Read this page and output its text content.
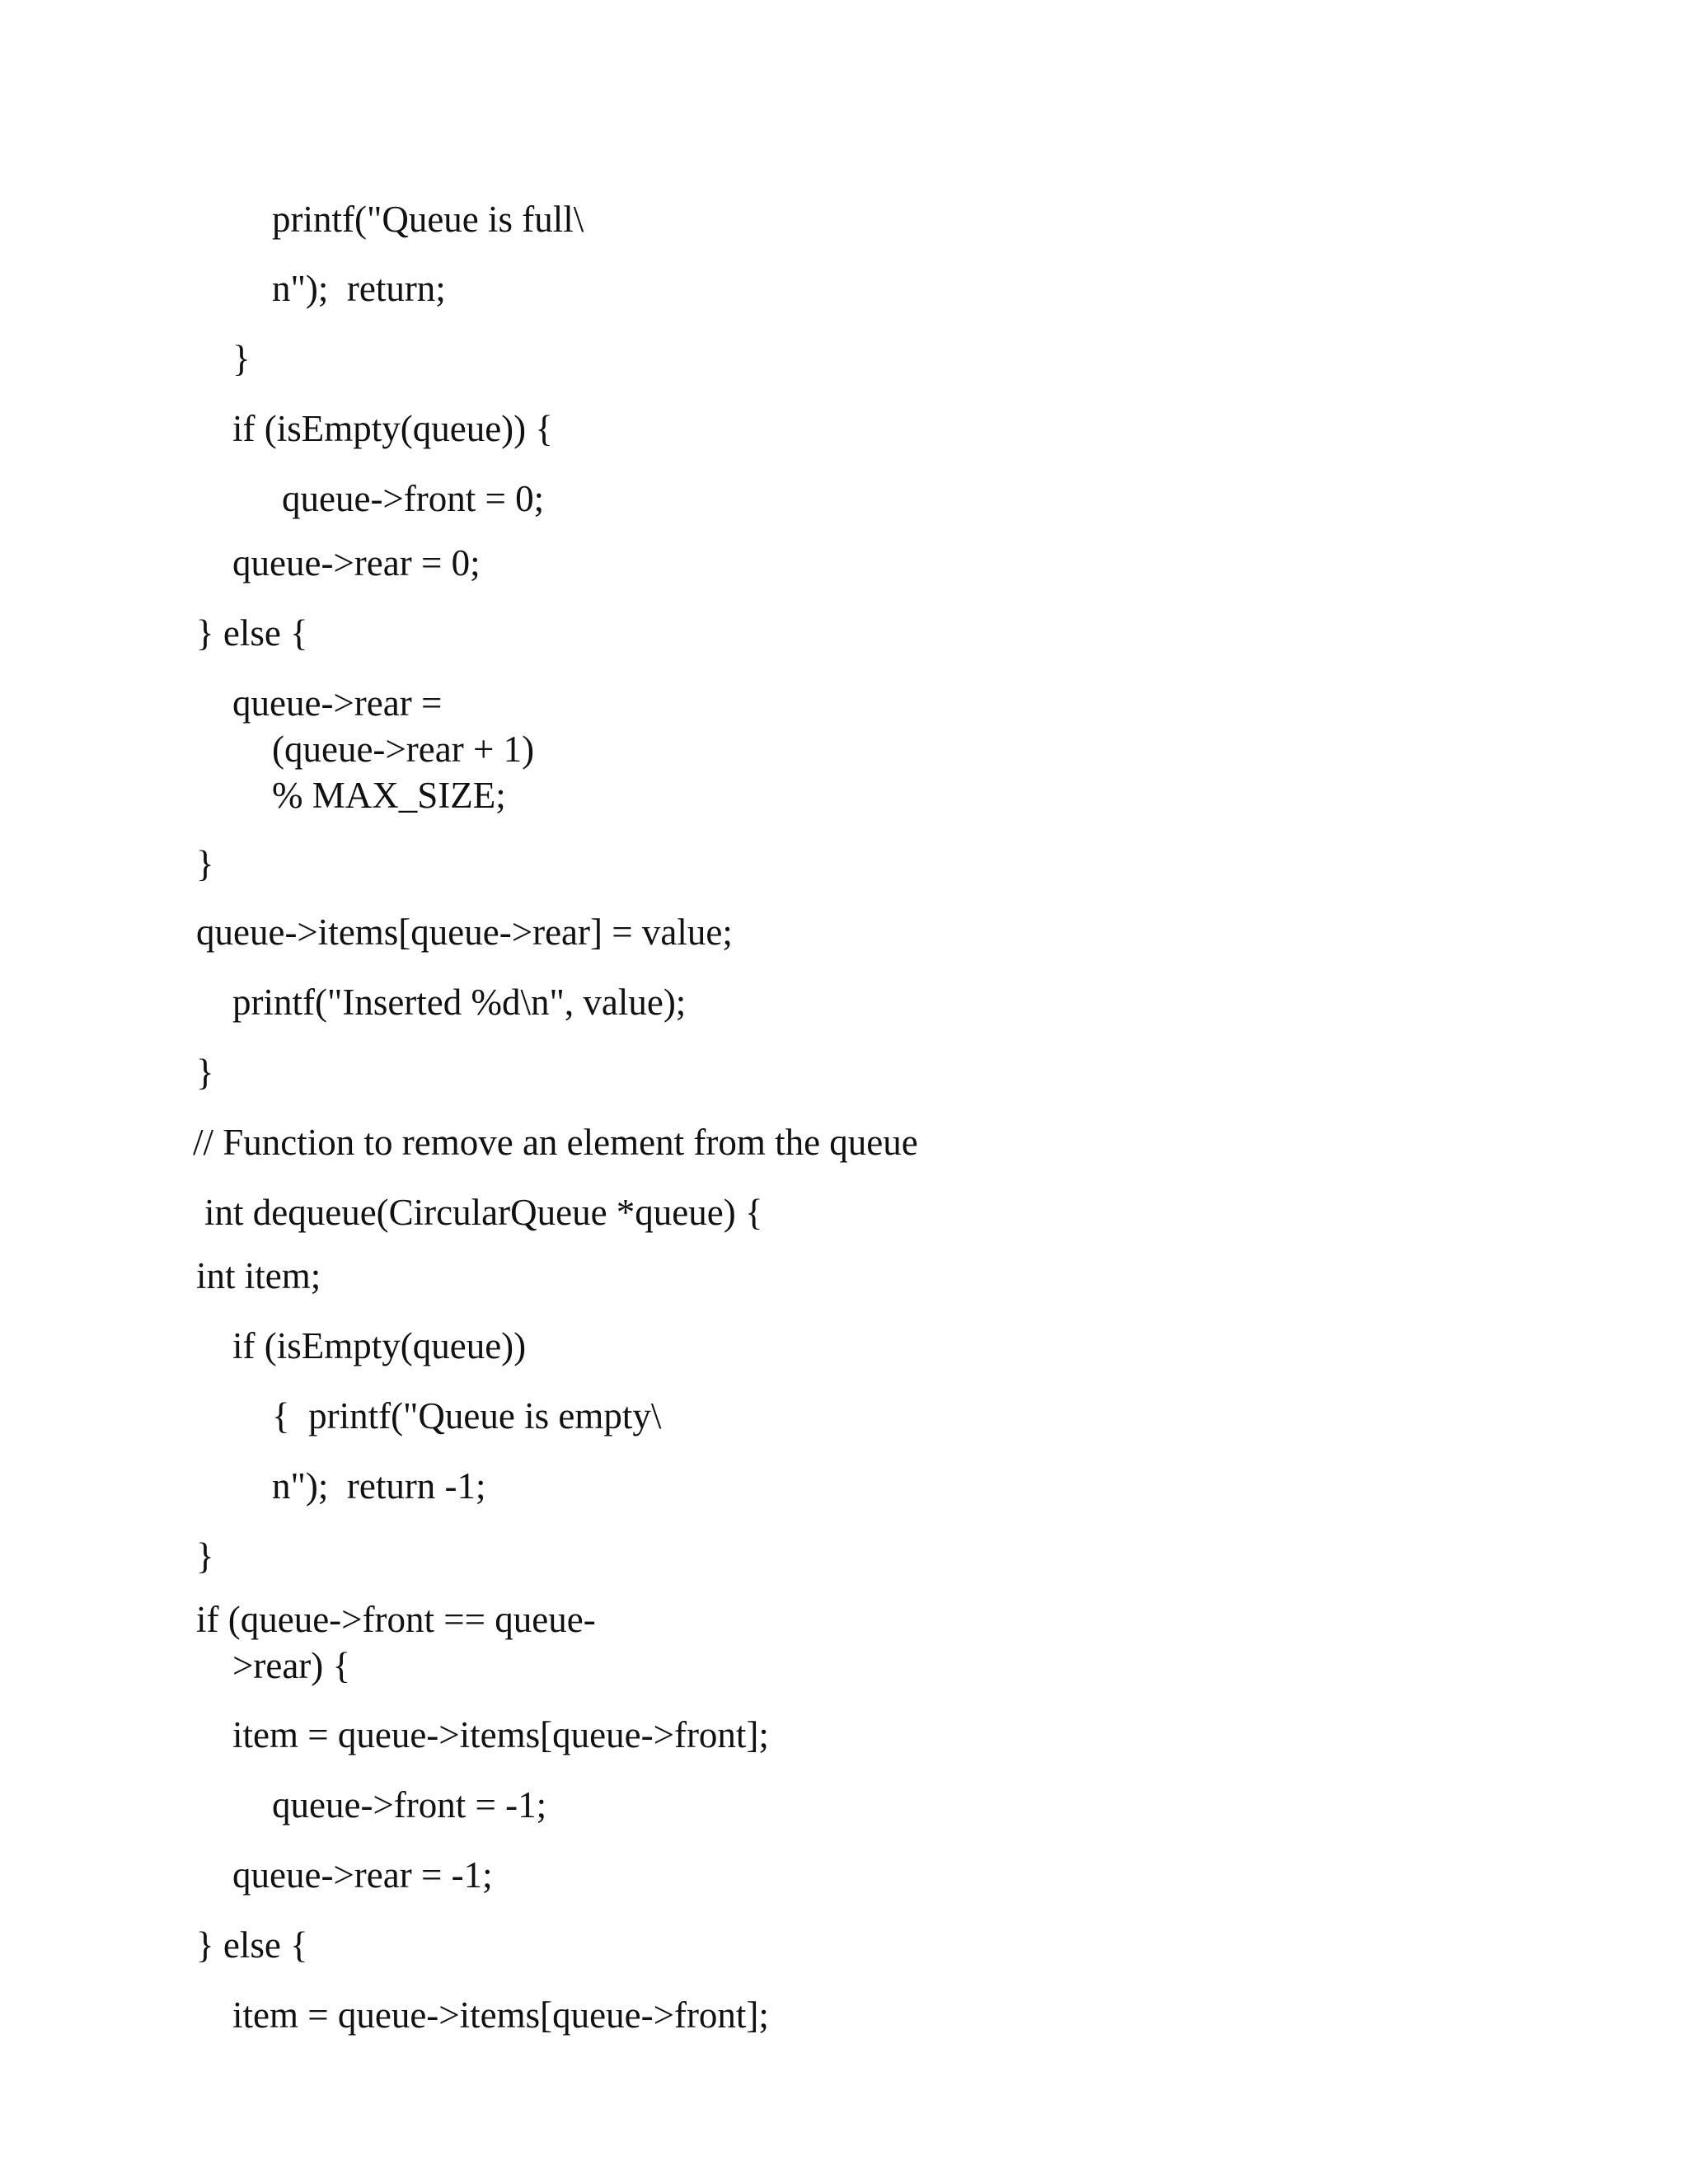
printf("Queue is full\
n");  return;
}
if (isEmpty(queue)) {
queue->front = 0;
queue->rear = 0;
} else {
queue->rear =
(queue->rear + 1)
% MAX_SIZE;
}
queue->items[queue->rear] = value;
printf("Inserted %d\n", value);
}
// Function to remove an element from the queue
int dequeue(CircularQueue *queue) {
int item;
if (isEmpty(queue))
{  printf("Queue is empty\
n");  return -1;
}
if (queue->front == queue-
>rear) {
item = queue->items[queue->front];
queue->front = -1;
queue->rear = -1;
} else {
item = queue->items[queue->front];
